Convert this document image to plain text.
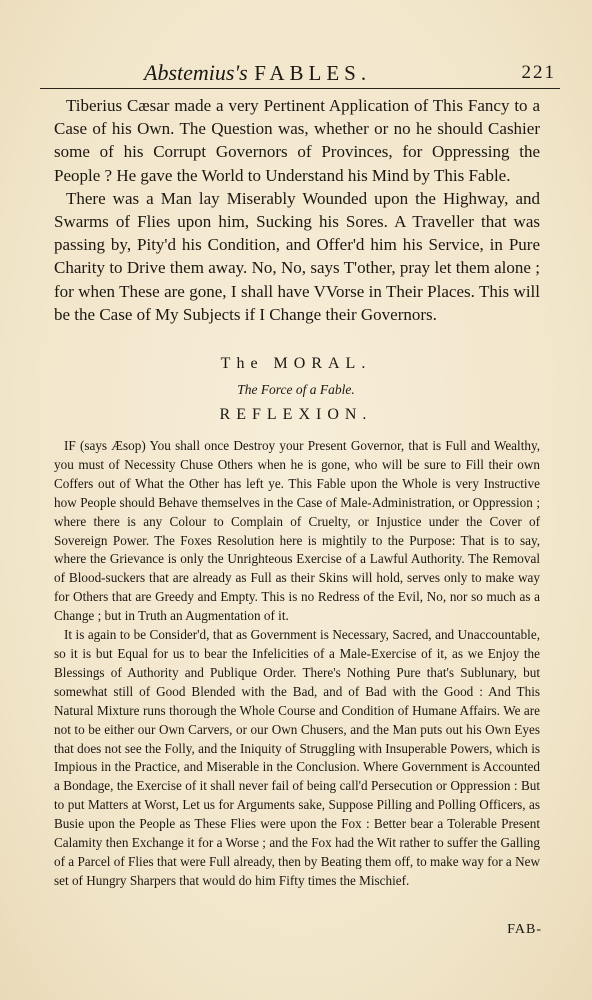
Abstemius's FABLES.	221

Tiberius Cæsar made a very Pertinent Application of This Fancy to a Case of his Own. The Question was, whether or no he should Cashier some of his Corrupt Governors of Provinces, for Oppressing the People ? He gave the World to Understand his Mind by This Fable.

There was a Man lay Miserably Wounded upon the Highway, and Swarms of Flies upon him, Sucking his Sores. A Traveller that was passing by, Pity'd his Condition, and Offer'd him his Service, in Pure Charity to Drive them away. No, No, says T'other, pray let them alone ; for when These are gone, I shall have VVorse in Their Places. This will be the Case of My Subjects if I Change their Governors.

The MORAL.
The Force of a Fable.
REFLEXION.

IF (says Æsop) You shall once Destroy your Present Governor, that is Full and Wealthy, you must of Necessity Chuse Others when he is gone, who will be sure to Fill their own Coffers out of What the Other has left ye. This Fable upon the Whole is very Instructive how People should Behave themselves in the Case of Male-Administration, or Oppression ; where there is any Colour to Complain of Cruelty, or Injustice under the Cover of Sovereign Power. The Foxes Resolution here is mightily to the Purpose: That is to say, where the Grievance is only the Unrighteous Exercise of a Lawful Authority. The Removal of Blood-suckers that are already as Full as their Skins will hold, serves only to make way for Others that are Greedy and Empty. This is no Redress of the Evil, No, nor so much as a Change ; but in Truth an Augmentation of it.

It is again to be Consider'd, that as Government is Necessary, Sacred, and Unaccountable, so it is but Equal for us to bear the Infelicities of a Male-Exercise of it, as we Enjoy the Blessings of Authority and Publique Order. There's Nothing Pure that's Sublunary, but somewhat still of Good Blended with the Bad, and of Bad with the Good : And This Natural Mixture runs thorough the Whole Course and Condition of Humane Affairs. We are not to be either our Own Carvers, or our Own Chusers, and the Man puts out his Own Eyes that does not see the Folly, and the Iniquity of Struggling with Insuperable Powers, which is Impious in the Practice, and Miserable in the Conclusion. Where Government is Accounted a Bondage, the Exercise of it shall never fail of being call'd Persecution or Oppression : But to put Matters at Worst, Let us for Arguments sake, Suppose Pilling and Polling Officers, as Busie upon the People as These Flies were upon the Fox : Better bear a Tolerable Present Calamity then Exchange it for a Worse ; and the Fox had the Wit rather to suffer the Galling of a Parcel of Flies that were Full already, then by Beating them off, to make way for a New set of Hungry Sharpers that would do him Fifty times the Mischief.

FAB-
